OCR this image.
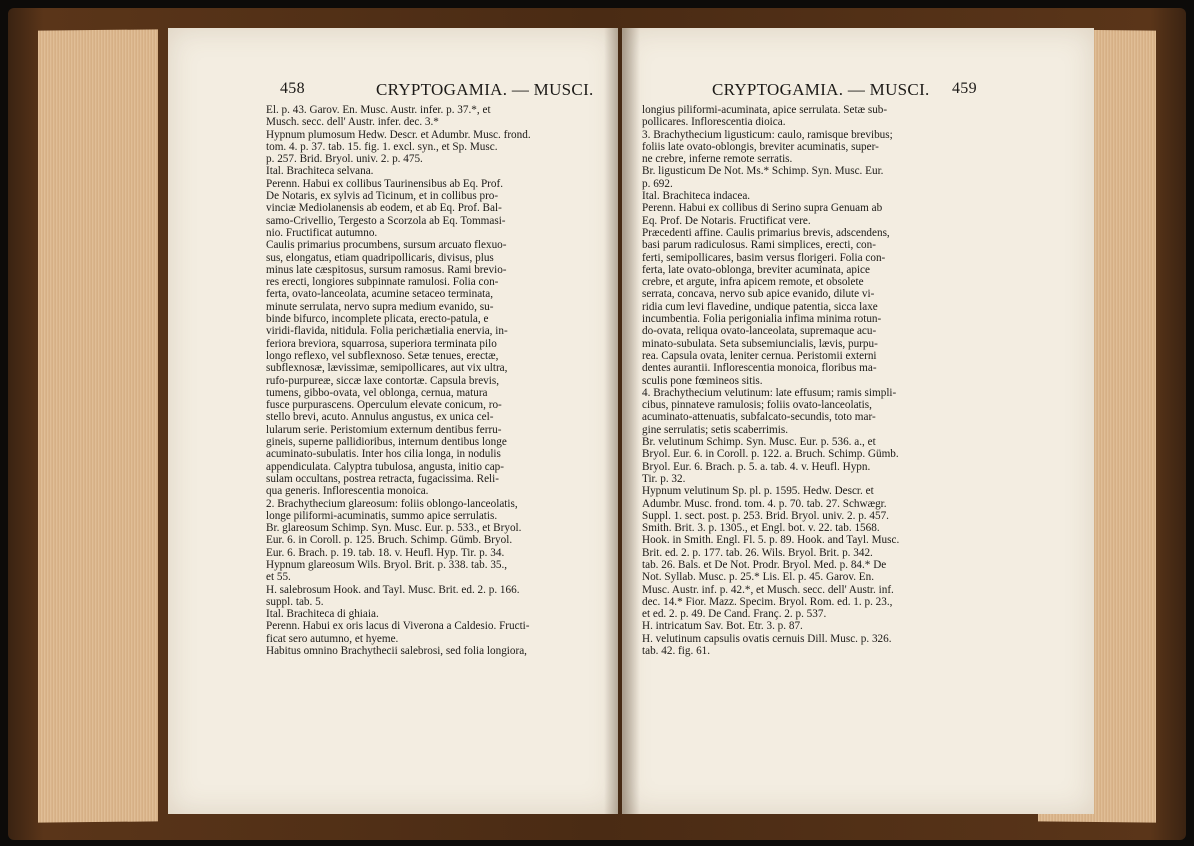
458	CRYPTOGAMIA. — MUSCI.

El. p. 43. Garov. En. Musc. Austr. infer. p. 37.*, et

Musch. secc. dell' Austr. infer. dec. 3.*

Hypnum plumosum Hedw. Descr. et Adumbr. Musc. frond.

tom. 4. p. 37. tab. 15. fig. 1. excl. syn., et Sp. Musc.

p. 257. Brid. Bryol. univ. 2. p. 475.

Ital. Brachiteca selvana.

Perenn. Habui ex collibus Taurinensibus ab Eq. Prof.

De Notaris, ex sylvis ad Ticinum, et in collibus pro-

vinciæ Mediolanensis ab eodem, et ab Eq. Prof. Bal-

samo-Crivellio, Tergesto a Scorzola ab Eq. Tommasi-

nio. Fructificat autumno.

Caulis primarius procumbens, sursum arcuato flexuo-

sus, elongatus, etiam quadripollicaris, divisus, plus

minus late cæspitosus, sursum ramosus. Rami brevio-

res erecti, longiores subpinnate ramulosi. Folia con-

ferta, ovato-lanceolata, acumine setaceo terminata,

minute serrulata, nervo supra medium evanido, su-

binde bifurco, incomplete plicata, erecto-patula, e

viridi-flavida, nitidula. Folia perichætialia enervia, in-

feriora breviora, squarrosa, superiora terminata pilo

longo reflexo, vel subflexnoso. Setæ tenues, erectæ,

subflexnosæ, lævissimæ, semipollicares, aut vix ultra,

rufo-purpureæ, siccæ laxe contortæ. Capsula brevis,

tumens, gibbo-ovata, vel oblonga, cernua, matura

fusce purpurascens. Operculum elevate conicum, ro-

stello brevi, acuto. Annulus angustus, ex unica cel-

lularum serie. Peristomium externum dentibus ferru-

gineis, superne pallidioribus, internum dentibus longe

acuminato-subulatis. Inter hos cilia longa, in nodulis

appendiculata. Calyptra tubulosa, angusta, initio cap-

sulam occultans, postrea retracta, fugacissima. Reli-

qua generis. Inflorescentia monoica.

2. Brachythecium glareosum: foliis oblongo-lanceolatis,

longe piliformi-acuminatis, summo apice serrulatis.

Br. glareosum Schimp. Syn. Musc. Eur. p. 533., et Bryol.

Eur. 6. in Coroll. p. 125. Bruch. Schimp. Gümb. Bryol.

Eur. 6. Brach. p. 19. tab. 18. v. Heufl. Hyp. Tir. p. 34.

Hypnum glareosum Wils. Bryol. Brit. p. 338. tab. 35.,

et 55.

H. salebrosum Hook. and Tayl. Musc. Brit. ed. 2. p. 166.

suppl. tab. 5.

Ital. Brachiteca di ghiaia.

Perenn. Habui ex oris lacus di Viverona a Caldesio. Fructi-

ficat sero autumno, et hyeme.

Habitus omnino Brachythecii salebrosi, sed folia longiora,

CRYPTOGAMIA. — MUSCI. 459

longius piliformi-acuminata, apice serrulata. Setæ sub-

pollicares. Inflorescentia dioica.

3. Brachythecium ligusticum: caulo, ramisque brevibus;

foliis late ovato-oblongis, breviter acuminatis, super-

ne crebre, inferne remote serratis.

Br. ligusticum De Not. Ms.* Schimp. Syn. Musc. Eur.

p. 692.

Ital. Brachiteca indacea.

Perenn. Habui ex collibus di Serino supra Genuam ab

Eq. Prof. De Notaris. Fructificat vere.

Præcedenti affine. Caulis primarius brevis, adscendens,

basi parum radiculosus. Rami simplices, erecti, con-

ferti, semipollicares, basim versus florigeri. Folia con-

ferta, late ovato-oblonga, breviter acuminata, apice

crebre, et argute, infra apicem remote, et obsolete

serrata, concava, nervo sub apice evanido, dilute vi-

ridia cum levi flavedine, undique patentia, sicca laxe

incumbentia. Folia perigonialia infima minima rotun-

do-ovata, reliqua ovato-lanceolata, supremaque acu-

minato-subulata. Seta subsemiuncialis, lævis, purpu-

rea. Capsula ovata, leniter cernua. Peristomii externi

dentes aurantii. Inflorescentia monoica, floribus ma-

sculis pone fœmineos sitis.

4. Brachythecium velutinum: late effusum; ramis simpli-

cibus, pinnateve ramulosis; foliis ovato-lanceolatis,

acuminato-attenuatis, subfalcato-secundis, toto mar-

gine serrulatis; setis scaberrimis.

Br. velutinum Schimp. Syn. Musc. Eur. p. 536. a., et

Bryol. Eur. 6. in Coroll. p. 122. a. Bruch. Schimp. Gümb.

Bryol. Eur. 6. Brach. p. 5. a. tab. 4. v. Heufl. Hypn.

Tir. p. 32.

Hypnum velutinum Sp. pl. p. 1595. Hedw. Descr. et

Adumbr. Musc. frond. tom. 4. p. 70. tab. 27. Schwægr.

Suppl. 1. sect. post. p. 253. Brid. Bryol. univ. 2. p. 457.

Smith. Brit. 3. p. 1305., et Engl. bot. v. 22. tab. 1568.

Hook. in Smith. Engl. Fl. 5. p. 89. Hook. and Tayl. Musc.

Brit. ed. 2. p. 177. tab. 26. Wils. Bryol. Brit. p. 342.

tab. 26. Bals. et De Not. Prodr. Bryol. Med. p. 84.* De

Not. Syllab. Musc. p. 25.* Lis. El. p. 45. Garov. En.

Musc. Austr. inf. p. 42.*, et Musch. secc. dell' Austr. inf.

dec. 14.* Fior. Mazz. Specim. Bryol. Rom. ed. 1. p. 23.,

et ed. 2. p. 49. De Cand. Franç. 2. p. 537.

H. intricatum Sav. Bot. Etr. 3. p. 87.

H. velutinum capsulis ovatis cernuis Dill. Musc. p. 326.

tab. 42. fig. 61.
